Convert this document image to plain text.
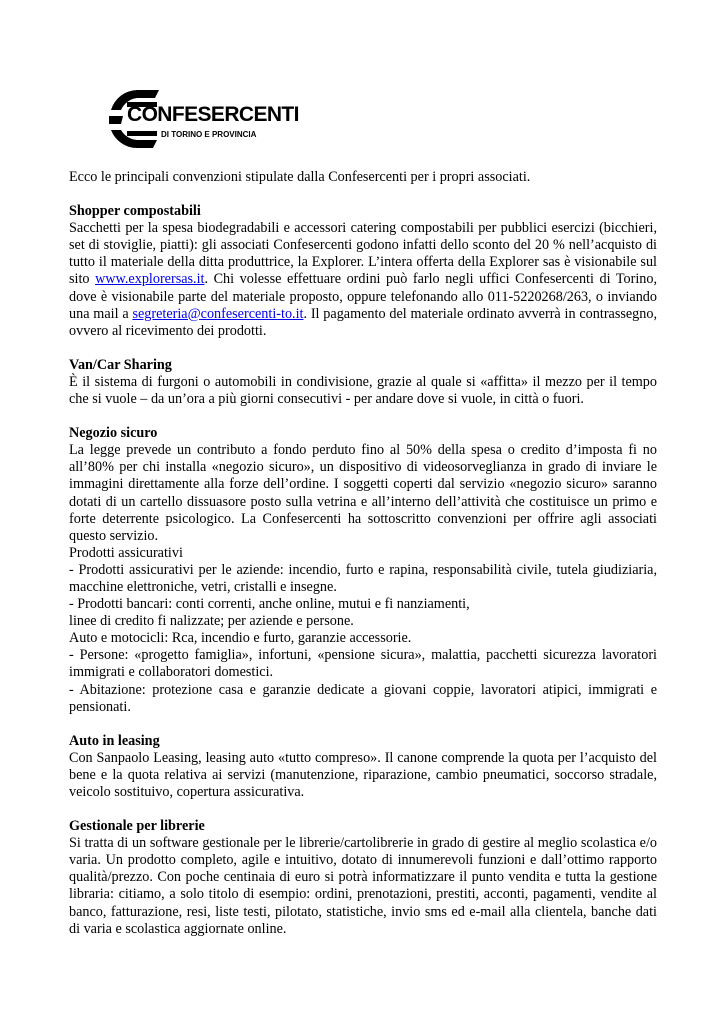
CONFESERCENTI
DI TORINO E PROVINCIA

Ecco le principali convenzioni stipulate dalla Confesercenti per i propri associati.

Shopper compostabili

Sacchetti per la spesa biodegradabili e accessori catering compostabili per pubblici esercizi (bicchieri, set di stoviglie, piatti): gli associati Confesercenti godono infatti dello sconto del 20 % nell’acquisto di tutto il materiale della ditta produttrice, la Explorer. L’intera offerta della Explorer sas è visionabile sul sito www.explorersas.it. Chi volesse effettuare ordini può farlo negli uffici Confesercenti di Torino, dove è visionabile parte del materiale proposto, oppure telefonando allo 011-5220268/263, o inviando una mail a segreteria@confesercenti-to.it. Il pagamento del materiale ordinato avverrà in contrassegno, ovvero al ricevimento dei prodotti.

Van/Car Sharing

È il sistema di furgoni o automobili in condivisione, grazie al quale si «affitta» il mezzo per il tempo che si vuole – da un’ora a più giorni consecutivi - per andare dove si vuole, in città o fuori.

Negozio sicuro

La legge prevede un contributo a fondo perduto fino al 50% della spesa o credito d’imposta fi no all’80% per chi installa «negozio sicuro», un dispositivo di videosorveglianza in grado di inviare le immagini direttamente alla forze dell’ordine. I soggetti coperti dal servizio «negozio sicuro» saranno dotati di un cartello dissuasore posto sulla vetrina e all’interno dell’attività che costituisce un primo e forte deterrente psicologico. La Confesercenti ha sottoscritto convenzioni per offrire agli associati questo servizio.

Prodotti assicurativi

- Prodotti assicurativi per le aziende: incendio, furto e rapina, responsabilità civile, tutela giudiziaria, macchine elettroniche, vetri, cristalli e insegne.

- Prodotti bancari: conti correnti, anche online, mutui e fi nanziamenti,

linee di credito fi nalizzate; per aziende e persone.

Auto e motocicli: Rca, incendio e furto, garanzie accessorie.

- Persone: «progetto famiglia», infortuni, «pensione sicura», malattia, pacchetti sicurezza lavoratori immigrati e collaboratori domestici.

- Abitazione: protezione casa e garanzie dedicate a giovani coppie, lavoratori atipici, immigrati e pensionati.

Auto in leasing

Con Sanpaolo Leasing, leasing auto «tutto compreso». Il canone comprende la quota per l’acquisto del bene e la quota relativa ai servizi (manutenzione, riparazione, cambio pneumatici, soccorso stradale, veicolo sostituivo, copertura assicurativa.

Gestionale per librerie

Si tratta di un software gestionale per le librerie/cartolibrerie in grado di gestire al meglio scolastica e/o varia. Un prodotto completo, agile e intuitivo, dotato di innumerevoli funzioni e dall’ottimo rapporto qualità/prezzo. Con poche centinaia di euro si potrà informatizzare il punto vendita e tutta la gestione libraria: citiamo, a solo titolo di esempio: ordini, prenotazioni, prestiti, acconti, pagamenti, vendite al banco, fatturazione, resi, liste testi, pilotato, statistiche, invio sms ed e-mail alla clientela, banche dati di varia e scolastica aggiornate online.
